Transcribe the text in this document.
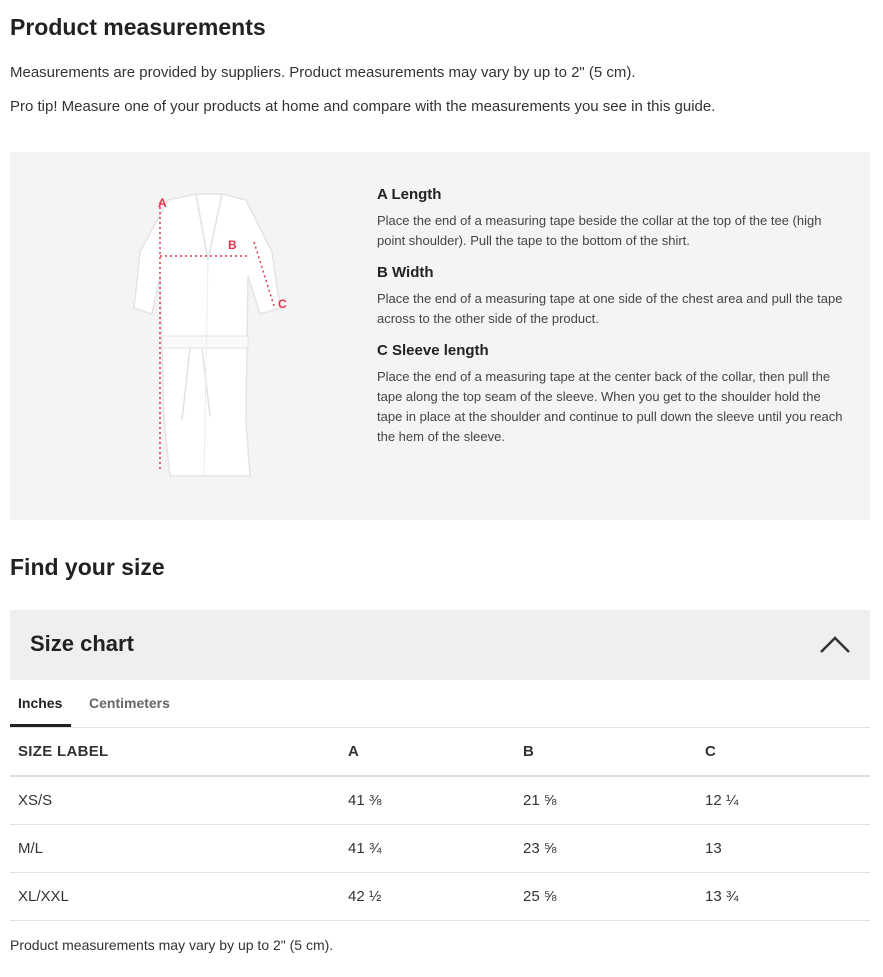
Product measurements

Measurements are provided by suppliers. Product measurements may vary by up to 2" (5 cm).

Pro tip! Measure one of your products at home and compare with the measurements you see in this guide.

A
B
C
A Length

Place the end of a measuring tape beside the collar at the top of the tee (high point shoulder). Pull the tape to the bottom of the shirt.

B Width

Place the end of a measuring tape at one side of the chest area and pull the tape across to the other side of the product.

C Sleeve length

Place the end of a measuring tape at the center back of the collar, then pull the tape along the top seam of the sleeve. When you get to the shoulder hold the tape in place at the shoulder and continue to pull down the sleeve until you reach the hem of the sleeve.

Find your size
Size chart
Inches Centimeters
SIZE LABEL	A	B	C
XS/S	41 ⅜	21 ⅝	12 ¼
M/L	41 ¾	23 ⅝	13
XL/XXL	42 ½	25 ⅝	13 ¾

Product measurements may vary by up to 2" (5 cm).
